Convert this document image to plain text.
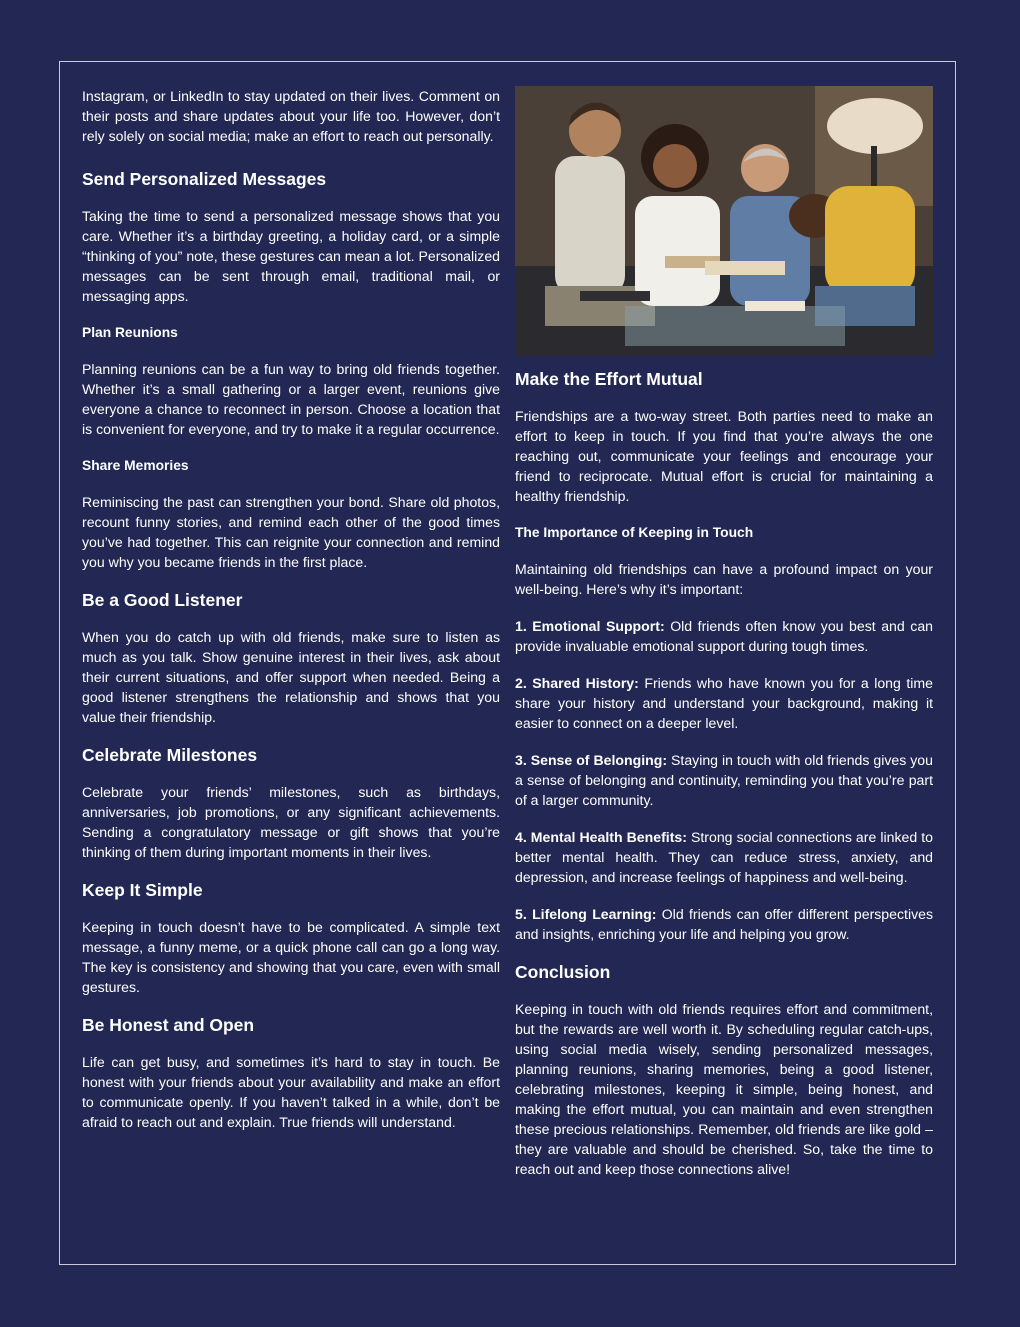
Instagram, or LinkedIn to stay updated on their lives. Comment on their posts and share updates about your life too. However, don’t rely solely on social media; make an effort to reach out personally.

Send Personalized Messages

Taking the time to send a personalized message shows that you care. Whether it’s a birthday greeting, a holiday card, or a simple “thinking of you” note, these gestures can mean a lot. Personalized messages can be sent through email, traditional mail, or messaging apps.

Plan Reunions

Planning reunions can be a fun way to bring old friends together. Whether it’s a small gathering or a larger event, reunions give everyone a chance to reconnect in person. Choose a location that is convenient for everyone, and try to make it a regular occurrence.

Share Memories

Reminiscing the past can strengthen your bond. Share old photos, recount funny stories, and remind each other of the good times you’ve had together. This can reignite your connection and remind you why you became friends in the first place.

Be a Good Listener

When you do catch up with old friends, make sure to listen as much as you talk. Show genuine interest in their lives, ask about their current situations, and offer support when needed. Being a good listener strengthens the relationship and shows that you value their friendship.

Celebrate Milestones

Celebrate your friends’ milestones, such as birthdays, anniversaries, job promotions, or any significant achievements. Sending a congratulatory message or gift shows that you’re thinking of them during important moments in their lives.

Keep It Simple

Keeping in touch doesn’t have to be complicated. A simple text message, a funny meme, or a quick phone call can go a long way. The key is consistency and showing that you care, even with small gestures.

Be Honest and Open

Life can get busy, and sometimes it’s hard to stay in touch. Be honest with your friends about your availability and make an effort to communicate openly. If you haven’t talked in a while, don’t be afraid to reach out and explain. True friends will understand.

Make the Effort Mutual

Friendships are a two-way street. Both parties need to make an effort to keep in touch. If you find that you’re always the one reaching out, communicate your feelings and encourage your friend to reciprocate. Mutual effort is crucial for maintaining a healthy friendship.

The Importance of Keeping in Touch

Maintaining old friendships can have a profound impact on your well-being. Here’s why it’s important:

1. Emotional Support: Old friends often know you best and can provide invaluable emotional support during tough times.
2. Shared History: Friends who have known you for a long time share your history and understand your background, making it easier to connect on a deeper level.
3. Sense of Belonging: Staying in touch with old friends gives you a sense of belonging and continuity, reminding you that you’re part of a larger community.
4. Mental Health Benefits: Strong social connections are linked to better mental health. They can reduce stress, anxiety, and depression, and increase feelings of happiness and well-being.
5. Lifelong Learning: Old friends can offer different perspectives and insights, enriching your life and helping you grow.
Conclusion

Keeping in touch with old friends requires effort and commitment, but the rewards are well worth it. By scheduling regular catch-ups, using social media wisely, sending personalized messages, planning reunions, sharing memories, being a good listener, celebrating milestones, keeping it simple, being honest, and making the effort mutual, you can maintain and even strengthen these precious relationships. Remember, old friends are like gold – they are valuable and should be cherished. So, take the time to reach out and keep those connections alive!
